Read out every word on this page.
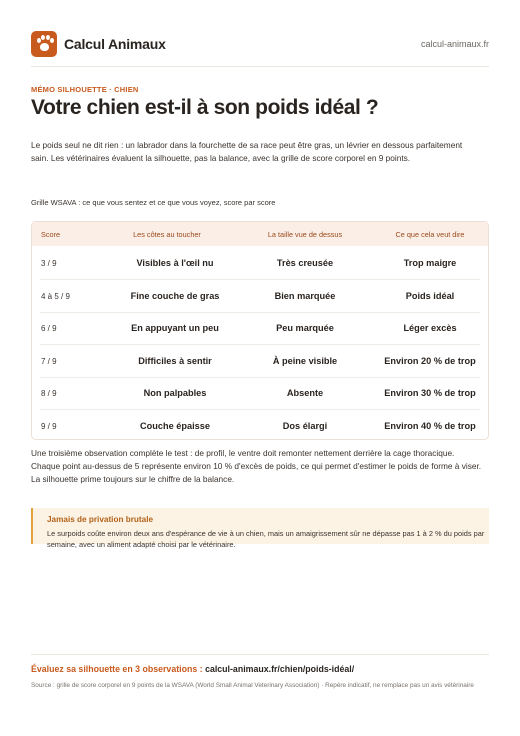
Calcul Animaux	calcul-animaux.fr
MÉMO SILHOUETTE · CHIEN
Votre chien est-il à son poids idéal ?

Le poids seul ne dit rien : un labrador dans la fourchette de sa race peut être gras, un lévrier en dessous parfaitement sain. Les vétérinaires évaluent la silhouette, pas la balance, avec la grille de score corporel en 9 points.

Grille WSAVA : ce que vous sentez et ce que vous voyez, score par score
Score	Les côtes au toucher	La taille vue de dessus	Ce que cela veut dire
3 / 9	Visibles à l'œil nu	Très creusée	Trop maigre
4 à 5 / 9	Fine couche de gras	Bien marquée	Poids idéal
6 / 9	En appuyant un peu	Peu marquée	Léger excès
7 / 9	Difficiles à sentir	À peine visible	Environ 20 % de trop
8 / 9	Non palpables	Absente	Environ 30 % de trop
9 / 9	Couche épaisse	Dos élargi	Environ 40 % de trop

Une troisième observation complète le test : de profil, le ventre doit remonter nettement derrière la cage thoracique. Chaque point au-dessus de 5 représente environ 10 % d'excès de poids, ce qui permet d'estimer le poids de forme à viser. La silhouette prime toujours sur le chiffre de la balance.

Jamais de privation brutale
Le surpoids coûte environ deux ans d'espérance de vie à un chien, mais un amaigrissement sûr ne dépasse pas 1 à 2 % du poids par semaine, avec un aliment adapté choisi par le vétérinaire.
Évaluez sa silhouette en 3 observations : calcul-animaux.fr/chien/poids-idéal/
Source : grille de score corporel en 9 points de la WSAVA (World Small Animal Veterinary Association) · Repère indicatif, ne remplace pas un avis vétérinaire
